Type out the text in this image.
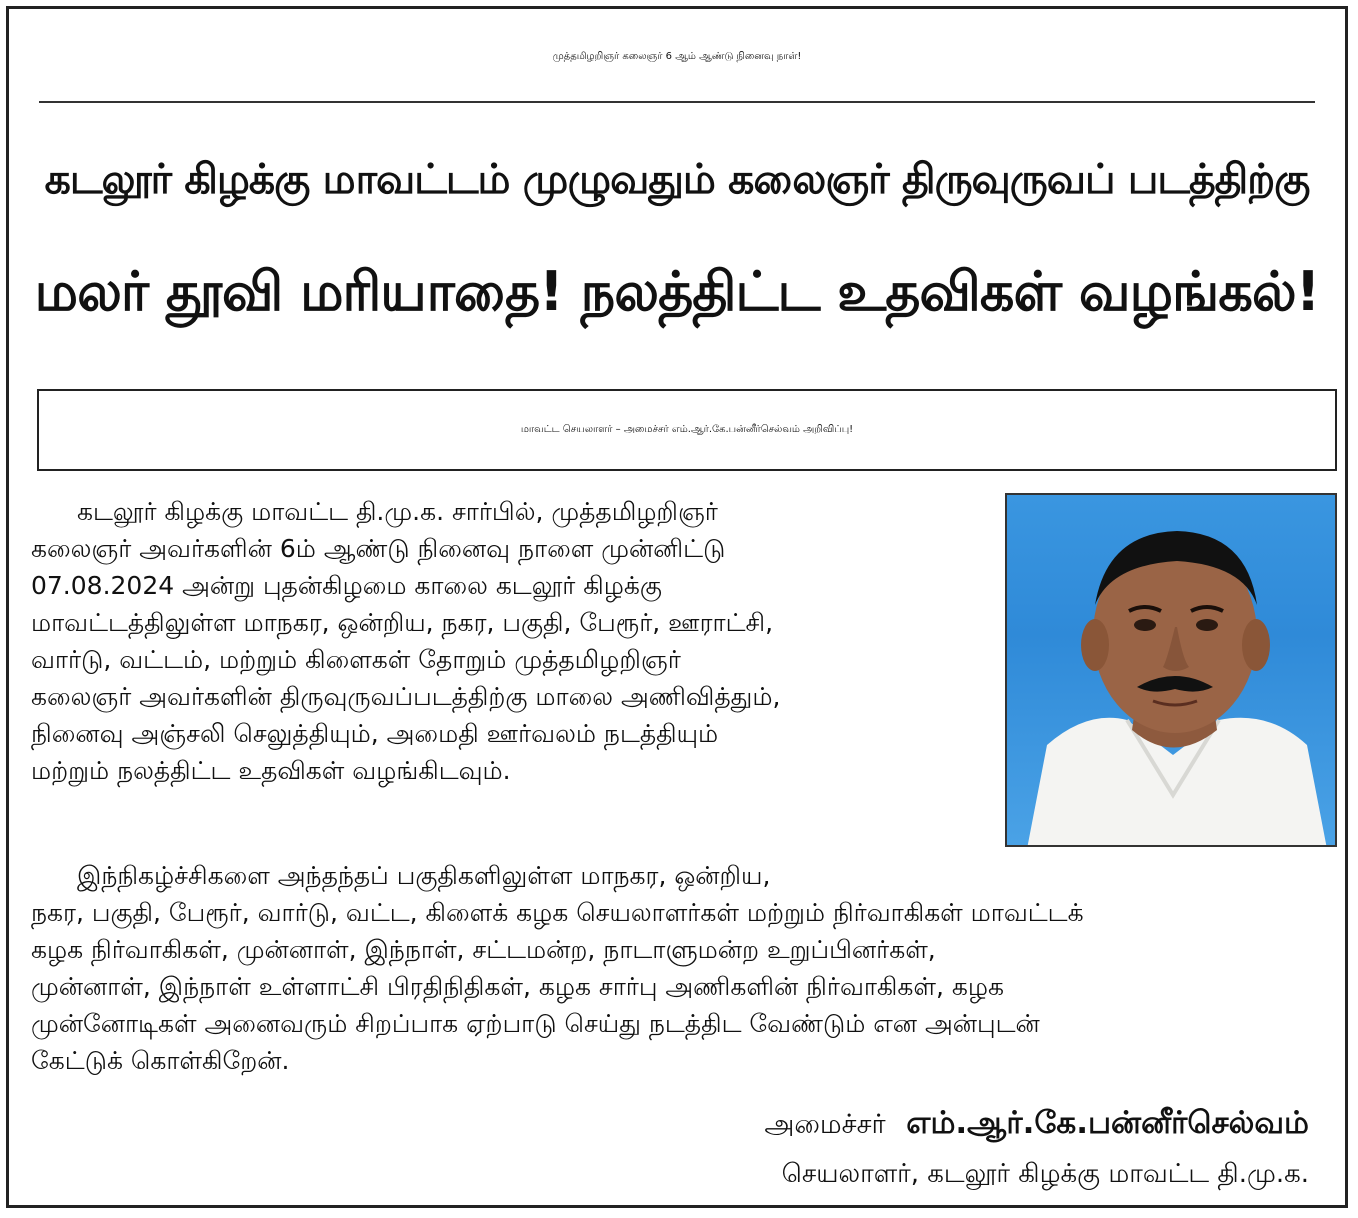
முத்தமிழறிஞர் கலைஞர் 6 ஆம் ஆண்டு நினைவு நாள்!
கடலூர் கிழக்கு மாவட்டம் முழுவதும் கலைஞர் திருவுருவப் படத்திற்கு
மலர் தூவி மரியாதை! நலத்திட்ட உதவிகள் வழங்கல்!
மாவட்ட செயலாளர் – அமைச்சர் எம்.ஆர்.கே.பன்னீர்செல்வம் அறிவிப்பு!
கடலூர் கிழக்கு மாவட்ட தி.மு.க. சார்பில், முத்தமிழறிஞர்
கலைஞர் அவர்களின் 6ம் ஆண்டு நினைவு நாளை முன்னிட்டு
07.08.2024 அன்று புதன்கிழமை காலை கடலூர் கிழக்கு
மாவட்டத்திலுள்ள மாநகர, ஒன்றிய, நகர, பகுதி, பேரூர், ஊராட்சி,
வார்டு, வட்டம், மற்றும் கிளைகள் தோறும் முத்தமிழறிஞர்
கலைஞர் அவர்களின் திருவுருவப்படத்திற்கு மாலை அணிவித்தும்,
நினைவு அஞ்சலி செலுத்தியும், அமைதி ஊர்வலம் நடத்தியும்
மற்றும் நலத்திட்ட உதவிகள் வழங்கிடவும்.
இந்நிகழ்ச்சிகளை அந்தந்தப் பகுதிகளிலுள்ள மாநகர, ஒன்றிய,
நகர, பகுதி, பேரூர், வார்டு, வட்ட, கிளைக் கழக செயலாளர்கள் மற்றும் நிர்வாகிகள் மாவட்டக்
கழக நிர்வாகிகள், முன்னாள், இந்நாள், சட்டமன்ற, நாடாளுமன்ற உறுப்பினர்கள்,
முன்னாள், இந்நாள் உள்ளாட்சி பிரதிநிதிகள், கழக சார்பு அணிகளின் நிர்வாகிகள், கழக
முன்னோடிகள் அனைவரும் சிறப்பாக ஏற்பாடு செய்து நடத்திட வேண்டும் என அன்புடன்
கேட்டுக் கொள்கிறேன்.
அமைச்சர் எம்.ஆர்.கே.பன்னீர்செல்வம்
செயலாளர், கடலூர் கிழக்கு மாவட்ட தி.மு.க.
